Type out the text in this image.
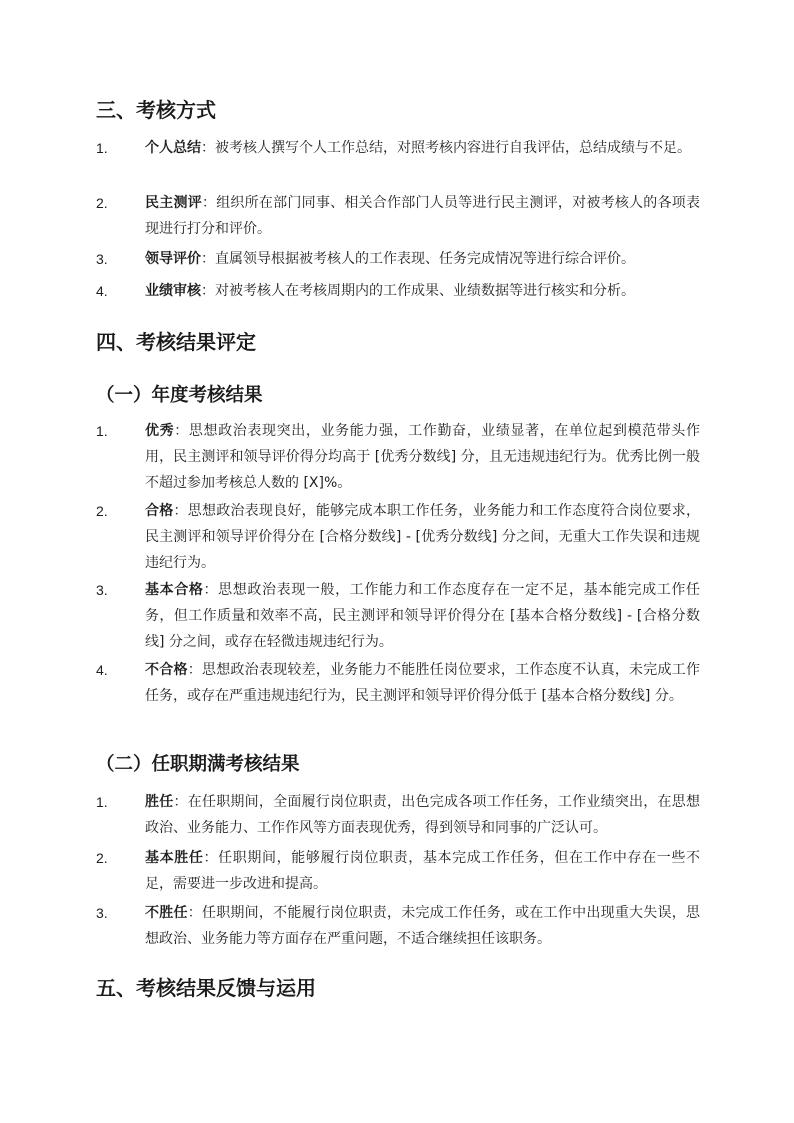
三、考核方式
1.	个人总结：被考核人撰写个人工作总结，对照考核内容进行自我评估，总结成绩与不足。
2.	民主测评：组织所在部门同事、相关合作部门人员等进行民主测评，对被考核人的各项表现进行打分和评价。
3.	领导评价：直属领导根据被考核人的工作表现、任务完成情况等进行综合评价。
4.	业绩审核：对被考核人在考核周期内的工作成果、业绩数据等进行核实和分析。
四、考核结果评定
（一）年度考核结果
1.	优秀：思想政治表现突出，业务能力强，工作勤奋，业绩显著，在单位起到模范带头作用，民主测评和领导评价得分均高于 [优秀分数线] 分，且无违规违纪行为。优秀比例一般不超过参加考核总人数的 [X]%。
2.	合格：思想政治表现良好，能够完成本职工作任务，业务能力和工作态度符合岗位要求，民主测评和领导评价得分在 [合格分数线] - [优秀分数线] 分之间，无重大工作失误和违规违纪行为。
3.	基本合格：思想政治表现一般，工作能力和工作态度存在一定不足，基本能完成工作任务，但工作质量和效率不高，民主测评和领导评价得分在 [基本合格分数线] - [合格分数线] 分之间，或存在轻微违规违纪行为。
4.	不合格：思想政治表现较差，业务能力不能胜任岗位要求，工作态度不认真，未完成工作任务，或存在严重违规违纪行为，民主测评和领导评价得分低于 [基本合格分数线] 分。
（二）任职期满考核结果
1.	胜任：在任职期间，全面履行岗位职责，出色完成各项工作任务，工作业绩突出，在思想政治、业务能力、工作作风等方面表现优秀，得到领导和同事的广泛认可。
2.	基本胜任：任职期间，能够履行岗位职责，基本完成工作任务，但在工作中存在一些不足，需要进一步改进和提高。
3.	不胜任：任职期间，不能履行岗位职责，未完成工作任务，或在工作中出现重大失误，思想政治、业务能力等方面存在严重问题，不适合继续担任该职务。
五、考核结果反馈与运用
